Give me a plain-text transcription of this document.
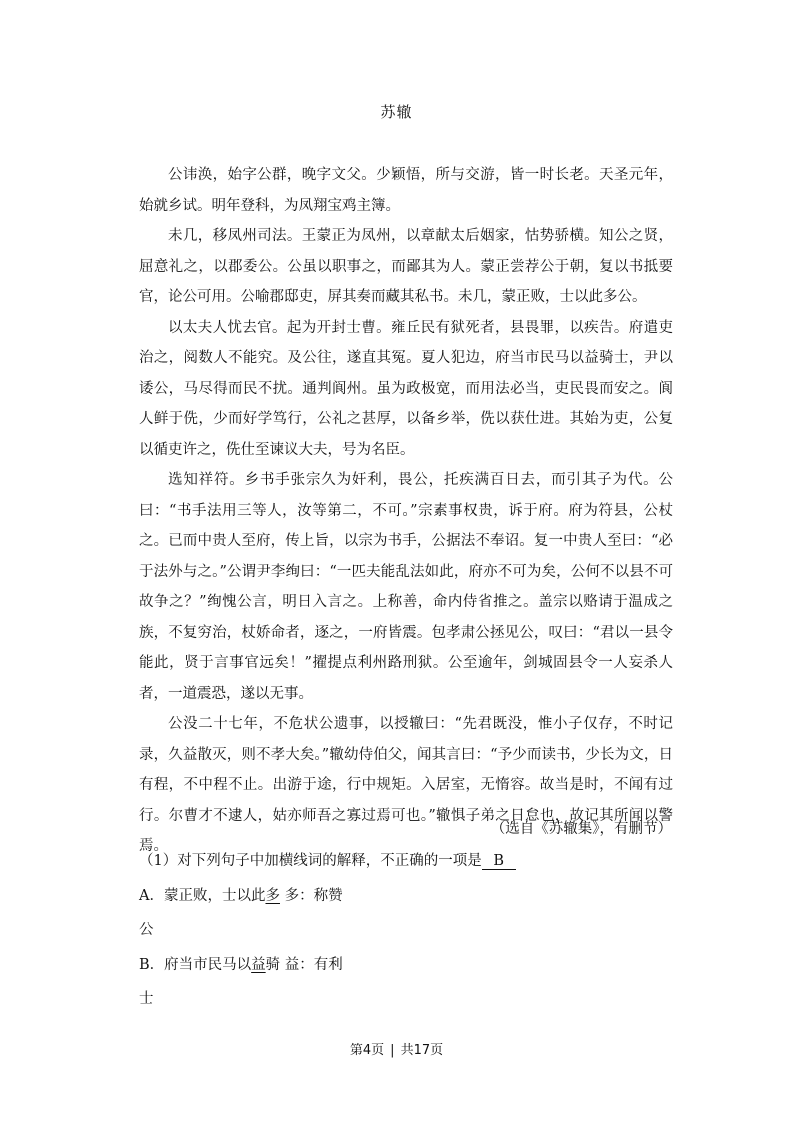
苏辙

公讳涣，始字公群，晚字文父。少颖悟，所与交游，皆一时长老。天圣元年，始就乡试。明年登科，为凤翔宝鸡主簿。

未几，移凤州司法。王蒙正为凤州，以章献太后姻家，怙势骄横。知公之贤，屈意礼之，以郡委公。公虽以职事之，而鄙其为人。蒙正尝荐公于朝，复以书抵要官，论公可用。公喻郡邸吏，屏其奏而藏其私书。未几，蒙正败，士以此多公。

以太夫人忧去官。起为开封士曹。雍丘民有狱死者，县畏罪，以疾告。府遣吏治之，阅数人不能究。及公往，遂直其冤。夏人犯边，府当市民马以益骑士，尹以诿公，马尽得而民不扰。通判阆州。虽为政极宽，而用法必当，吏民畏而安之。阆人鲜于侁，少而好学笃行，公礼之甚厚，以备乡举，侁以获仕进。其始为吏，公复以循吏许之，侁仕至谏议大夫，号为名臣。

选知祥符。乡书手张宗久为奸利，畏公，托疾满百日去，而引其子为代。公曰：“书手法用三等人，汝等第二，不可。”宗素事权贵，诉于府。府为符县，公杖之。已而中贵人至府，传上旨，以宗为书手，公据法不奉诏。复一中贵人至曰：“必于法外与之。”公谓尹李绚曰：“一匹夫能乱法如此，府亦不可为矣，公何不以县不可故争之？”绚愧公言，明日入言之。上称善，命内侍省推之。盖宗以赂请于温成之族，不复穷治，杖娇命者，逐之，一府皆震。包孝肃公拯见公，叹曰：“君以一县令能此，贤于言事官远矣！”擢提点利州路刑狱。公至逾年，剑城固县令一人妄杀人者，一道震恐，遂以无事。

公没二十七年，不危状公遗事，以授辙曰：“先君既没，惟小子仅存，不时记录，久益散灭，则不孝大矣。”辙幼侍伯父，闻其言曰：“予少而读书，少长为文，日有程，不中程不止。出游于途，行中规矩。入居室，无惰容。故当是时，不闻有过行。尔曹才不逮人，姑亦师吾之寡过焉可也。”辙惧子弟之日怠也，故记其所闻以警焉。

（选自《苏辙集》，有删节）
（1）对下列句子中加横线词的解释，不正确的一项是 B
A．蒙正败，士以此多 多：称赞
公
B．府当市民马以益骑 益：有利
士
第4页 | 共17页
